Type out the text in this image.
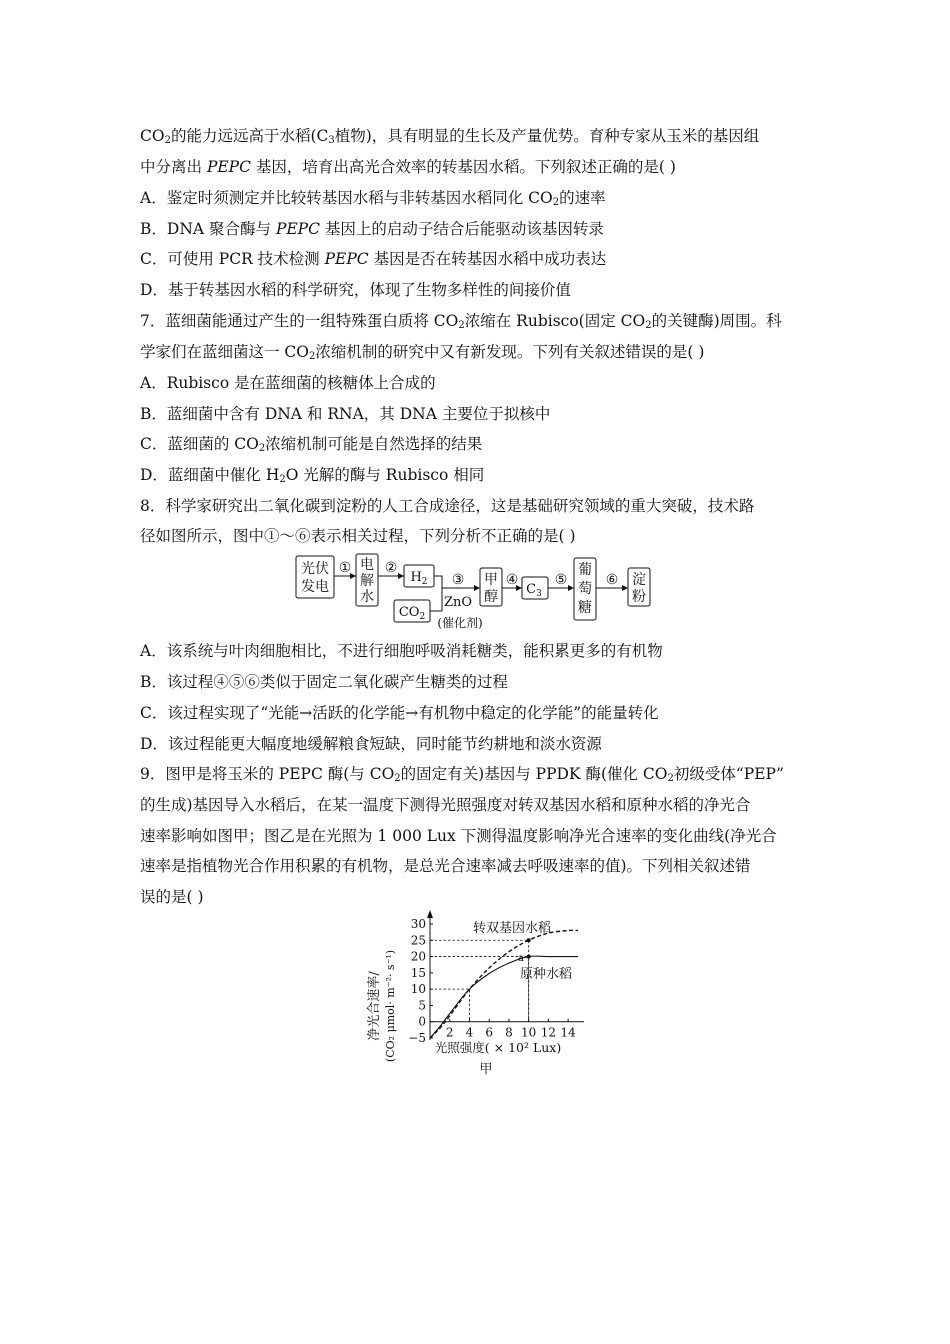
$CO_2$的能力远远高于水稻($C_3$植物)，具有明显的生长及产量优势。育种专家从玉米的基因组
中分离出 PEPC 基因，培育出高光合效率的转基因水稻。下列叙述正确的是( )
A．鉴定时须测定并比较转基因水稻与非转基因水稻同化 $CO_2$的速率
B．DNA 聚合酶与 PEPC 基因上的启动子结合后能驱动该基因转录
C．可使用 PCR 技术检测 PEPC 基因是否在转基因水稻中成功表达
D．基于转基因水稻的科学研究，体现了生物多样性的间接价值
7．蓝细菌能通过产生的一组特殊蛋白质将 $CO_2$浓缩在 Rubisco(固定 $CO_2$的关键酶)周围。科
学家们在蓝细菌这一 $CO_2$浓缩机制的研究中又有新发现。下列有关叙述错误的是( )
A．Rubisco 是在蓝细菌的核糖体上合成的
B．蓝细菌中含有 DNA 和 RNA，其 DNA 主要位于拟核中
C．蓝细菌的 $CO_2$浓缩机制可能是自然选择的结果
D．蓝细菌中催化 $H_2O$ 光解的酶与 Rubisco 相同
8．科学家研究出二氧化碳到淀粉的人工合成途径，这是基础研究领域的重大突破，技术路
径如图所示，图中①～⑥表示相关过程，下列分析不正确的是( )
光伏
发电
电
解
水
$H_2$
$CO_2$
甲
醇 $C_3$
葡
萄
糖
淀
粉
① ②
③	④	⑤	⑥
ZnO
(催化剂)
A．该系统与叶肉细胞相比，不进行细胞呼吸消耗糖类，能积累更多的有机物
B．该过程④⑤⑥类似于固定二氧化碳产生糖类的过程
C．该过程实现了“光能→活跃的化学能→有机物中稳定的化学能”的能量转化
D．该过程能更大幅度地缓解粮食短缺，同时能节约耕地和淡水资源
9．图甲是将玉米的 PEPC 酶(与 $CO_2$的固定有关)基因与 PPDK 酶(催化 $CO_2$初级受体“PEP”
的生成)基因导入水稻后，在某一温度下测得光照强度对转双基因水稻和原种水稻的净光合
速率影响如图甲；图乙是在光照为 1 000 Lux 下测得温度影响净光合速率的变化曲线(净光合
速率是指植物光合作用积累的有机物，是总光合速率减去呼吸速率的值)。下列相关叙述错
误的是( )
−5
0
5
10
15
20
25
30
2 4 6 8 10 12 14
净光合速率/ (CO₂ μmol· m⁻²· s⁻¹)	光照强度( × 10² Lux)
甲
转双基因水稻
原种水稻
a
